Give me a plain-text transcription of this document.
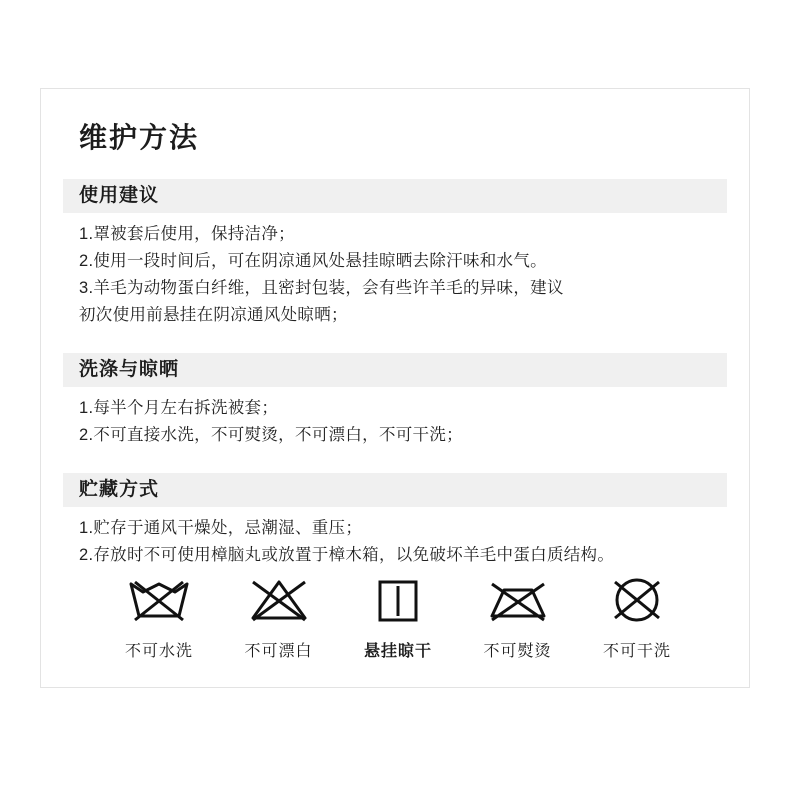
维护方法
使用建议
1.罩被套后使用，保持洁净；
2.使用一段时间后，可在阴凉通风处悬挂晾晒去除汗味和水气。
3.羊毛为动物蛋白纤维，且密封包装，会有些许羊毛的异味，建议
初次使用前悬挂在阴凉通风处晾晒；
洗涤与晾晒
1.每半个月左右拆洗被套；
2.不可直接水洗，不可熨烫，不可漂白，不可干洗；
贮藏方式
1.贮存于通风干燥处，忌潮湿、重压；
2.存放时不可使用樟脑丸或放置于樟木箱，以免破坏羊毛中蛋白质结构。
不可水洗	不可漂白	悬挂晾干	不可熨烫	不可干洗
